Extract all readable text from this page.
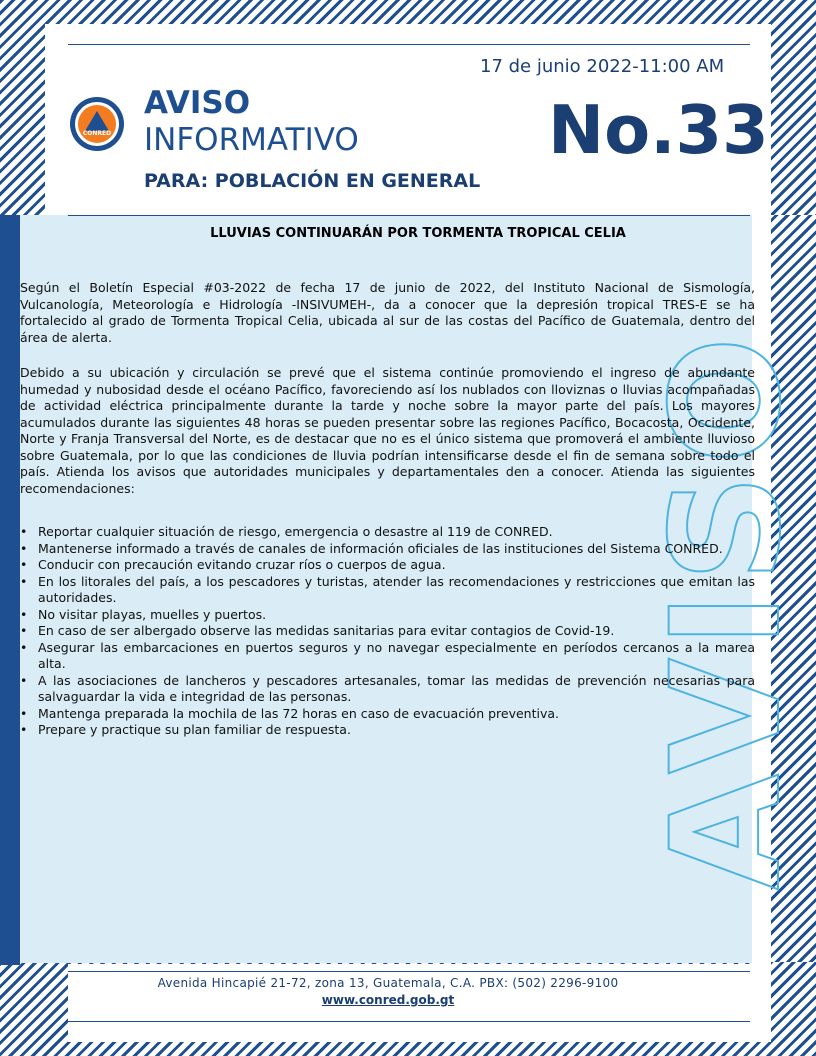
17 de junio 2022-11:00 AM
CONRED
AVISO
INFORMATIVO	No.33
PARA: POBLACIÓN EN GENERAL
AVISO
LLUVIAS CONTINUARÁN POR TORMENTA TROPICAL CELIA

Según el Boletín Especial #03-2022 de fecha 17 de junio de 2022, del Instituto Nacional de Sismología, Vulcanología, Meteorología e Hidrología -INSIVUMEH-, da a conocer que la depresión tropical TRES-E se ha fortalecido al grado de Tormenta Tropical Celia, ubicada al sur de las costas del Pacífico de Guatemala, dentro del área de alerta.

Debido a su ubicación y circulación se prevé que el sistema continúe promoviendo el ingreso de abundante humedad y nubosidad desde el océano Pacífico, favoreciendo así los nublados con lloviznas o lluvias acompañadas de actividad eléctrica principalmente durante la tarde y noche sobre la mayor parte del país. Los mayores acumulados durante las siguientes 48 horas se pueden presentar sobre las regiones Pacífico, Bocacosta, Occidente, Norte y Franja Transversal del Norte, es de destacar que no es el único sistema que promoverá el ambiente lluvioso sobre Guatemala, por lo que las condiciones de lluvia podrían intensificarse desde el fin de semana sobre todo el país. Atienda los avisos que autoridades municipales y departamentales den a conocer. Atienda las siguientes recomendaciones:

• Reportar cualquier situación de riesgo, emergencia o desastre al 119 de CONRED.
• Mantenerse informado a través de canales de información oficiales de las instituciones del Sistema CONRED.
• Conducir con precaución evitando cruzar ríos o cuerpos de agua.
• En los litorales del país, a los pescadores y turistas, atender las recomendaciones y restricciones que emitan las autoridades.
• No visitar playas, muelles y puertos.
• En caso de ser albergado observe las medidas sanitarias para evitar contagios de Covid-19.
• Asegurar las embarcaciones en puertos seguros y no navegar especialmente en períodos cercanos a la marea alta.
• A las asociaciones de lancheros y pescadores artesanales, tomar las medidas de prevención necesarias para salvaguardar la vida e integridad de las personas.
• Mantenga preparada la mochila de las 72 horas en caso de evacuación preventiva.
• Prepare y practique su plan familiar de respuesta.
Avenida Hincapié 21-72, zona 13, Guatemala, C.A. PBX: (502) 2296-9100
www.conred.gob.gt
